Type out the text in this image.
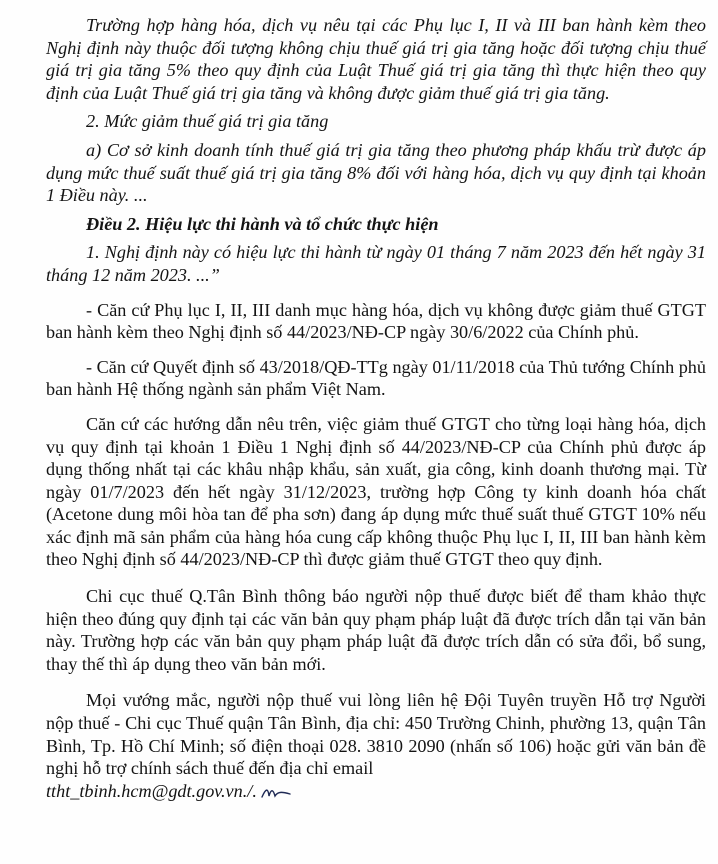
Trường hợp hàng hóa, dịch vụ nêu tại các Phụ lục I, II và III ban hành kèm theo Nghị định này thuộc đối tượng không chịu thuế giá trị gia tăng hoặc đối tượng chịu thuế giá trị gia tăng 5% theo quy định của Luật Thuế giá trị gia tăng thì thực hiện theo quy định của Luật Thuế giá trị gia tăng và không được giảm thuế giá trị gia tăng.

2. Mức giảm thuế giá trị gia tăng

a) Cơ sở kinh doanh tính thuế giá trị gia tăng theo phương pháp khấu trừ được áp dụng mức thuế suất thuế giá trị gia tăng 8% đối với hàng hóa, dịch vụ quy định tại khoản 1 Điều này. ...

Điều 2. Hiệu lực thi hành và tổ chức thực hiện

1. Nghị định này có hiệu lực thi hành từ ngày 01 tháng 7 năm 2023 đến hết ngày 31 tháng 12 năm 2023. ...”

- Căn cứ Phụ lục I, II, III danh mục hàng hóa, dịch vụ không được giảm thuế GTGT ban hành kèm theo Nghị định số 44/2023/NĐ-CP ngày 30/6/2022 của Chính phủ.

- Căn cứ Quyết định số 43/2018/QĐ-TTg ngày 01/11/2018 của Thủ tướng Chính phủ ban hành Hệ thống ngành sản phẩm Việt Nam.

Căn cứ các hướng dẫn nêu trên, việc giảm thuế GTGT cho từng loại hàng hóa, dịch vụ quy định tại khoản 1 Điều 1 Nghị định số 44/2023/NĐ-CP của Chính phủ được áp dụng thống nhất tại các khâu nhập khẩu, sản xuất, gia công, kinh doanh thương mại. Từ ngày 01/7/2023 đến hết ngày 31/12/2023, trường hợp Công ty kinh doanh hóa chất (Acetone dung môi hòa tan để pha sơn) đang áp dụng mức thuế suất thuế GTGT 10% nếu xác định mã sản phẩm của hàng hóa cung cấp không thuộc Phụ lục I, II, III ban hành kèm theo Nghị định số 44/2023/NĐ-CP thì được giảm thuế GTGT theo quy định.

Chi cục thuế Q.Tân Bình thông báo người nộp thuế được biết để tham khảo thực hiện theo đúng quy định tại các văn bản quy phạm pháp luật đã được trích dẫn tại văn bản này. Trường hợp các văn bản quy phạm pháp luật đã được trích dẫn có sửa đổi, bổ sung, thay thế thì áp dụng theo văn bản mới.

Mọi vướng mắc, người nộp thuế vui lòng liên hệ Đội Tuyên truyền Hỗ trợ Người nộp thuế - Chi cục Thuế quận Tân Bình, địa chỉ: 450 Trường Chinh, phường 13, quận Tân Bình, Tp. Hồ Chí Minh; số điện thoại 028. 3810 2090 (nhấn số 106) hoặc gửi văn bản đề nghị hỗ trợ chính sách thuế đến địa chỉ email
ttht_tbinh.hcm@gdt.gov.vn./.
